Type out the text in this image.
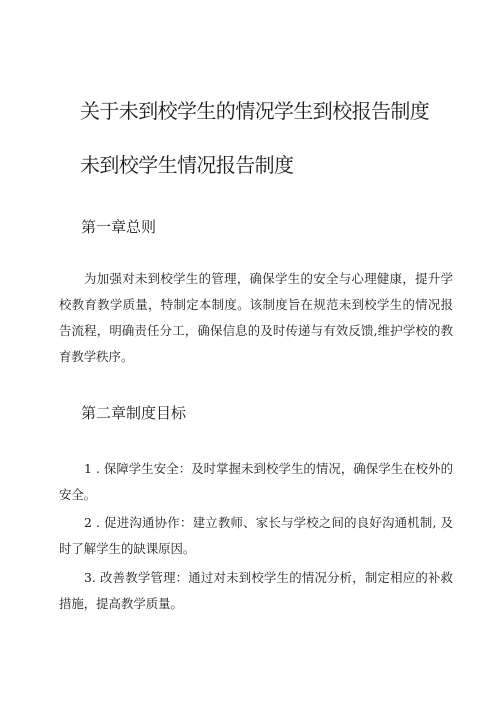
关于未到校学生的情况学生到校报告制度
未到校学生情况报告制度
第一章总则

为加强对未到校学生的管理，确保学生的安全与心理健康，提升学校教育教学质量，特制定本制度。该制度旨在规范未到校学生的情况报告流程，明确责任分工，确保信息的及时传递与有效反馈,维护学校的教育教学秩序。

第二章制度目标

1 . 保障学生安全：及时掌握未到校学生的情况，确保学生在校外的安全。

2 . 促进沟通协作：建立教师、家长与学校之间的良好沟通机制, 及时了解学生的缺课原因。

3. 改善教学管理：通过对未到校学生的情况分析，制定相应的补救措施，提高教学质量。
